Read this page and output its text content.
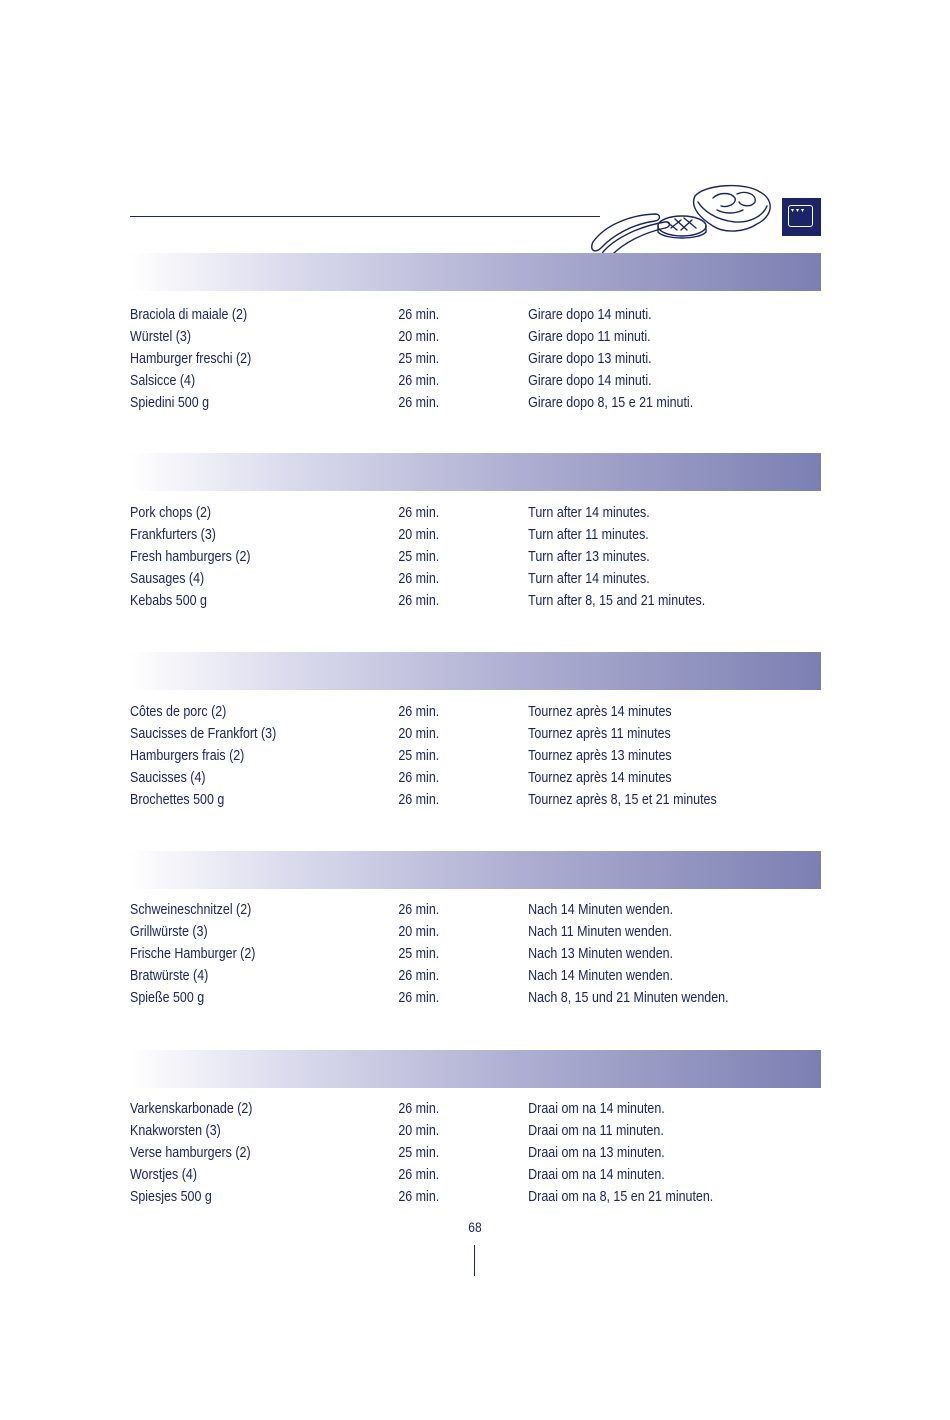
▾▾▾
Braciola di maiale (2)	26 min.	Girare dopo 14 minuti.
Würstel (3)	20 min.	Girare dopo 11 minuti.
Hamburger freschi (2)	25 min.	Girare dopo 13 minuti.
Salsicce (4)	26 min.	Girare dopo 14 minuti.
Spiedini 500 g	26 min.	Girare dopo 8, 15 e 21 minuti.
Pork chops (2)	26 min.	Turn after 14 minutes.
Frankfurters (3)	20 min.	Turn after 11 minutes.
Fresh hamburgers (2)	25 min.	Turn after 13 minutes.
Sausages (4)	26 min.	Turn after 14 minutes.
Kebabs 500 g	26 min.	Turn after 8, 15 and 21 minutes.
Côtes de porc (2)	26 min.	Tournez après 14 minutes
Saucisses de Frankfort (3)	20 min.	Tournez après 11 minutes
Hamburgers frais (2)	25 min.	Tournez après 13 minutes
Saucisses (4)	26 min.	Tournez après 14 minutes
Brochettes 500 g	26 min.	Tournez après 8, 15 et 21 minutes
Schweineschnitzel (2)	26 min.	Nach 14 Minuten wenden.
Grillwürste (3)	20 min.	Nach 11 Minuten wenden.
Frische Hamburger (2)	25 min.	Nach 13 Minuten wenden.
Bratwürste (4)	26 min.	Nach 14 Minuten wenden.
Spieße 500 g	26 min.	Nach 8, 15 und 21 Minuten wenden.
Varkenskarbonade (2)	26 min.	Draai om na 14 minuten.
Knakworsten (3)	20 min.	Draai om na 11 minuten.
Verse hamburgers (2)	25 min.	Draai om na 13 minuten.
Worstjes (4)	26 min.	Draai om na 14 minuten.
Spiesjes 500 g	26 min.	Draai om na 8, 15 en 21 minuten.
68
